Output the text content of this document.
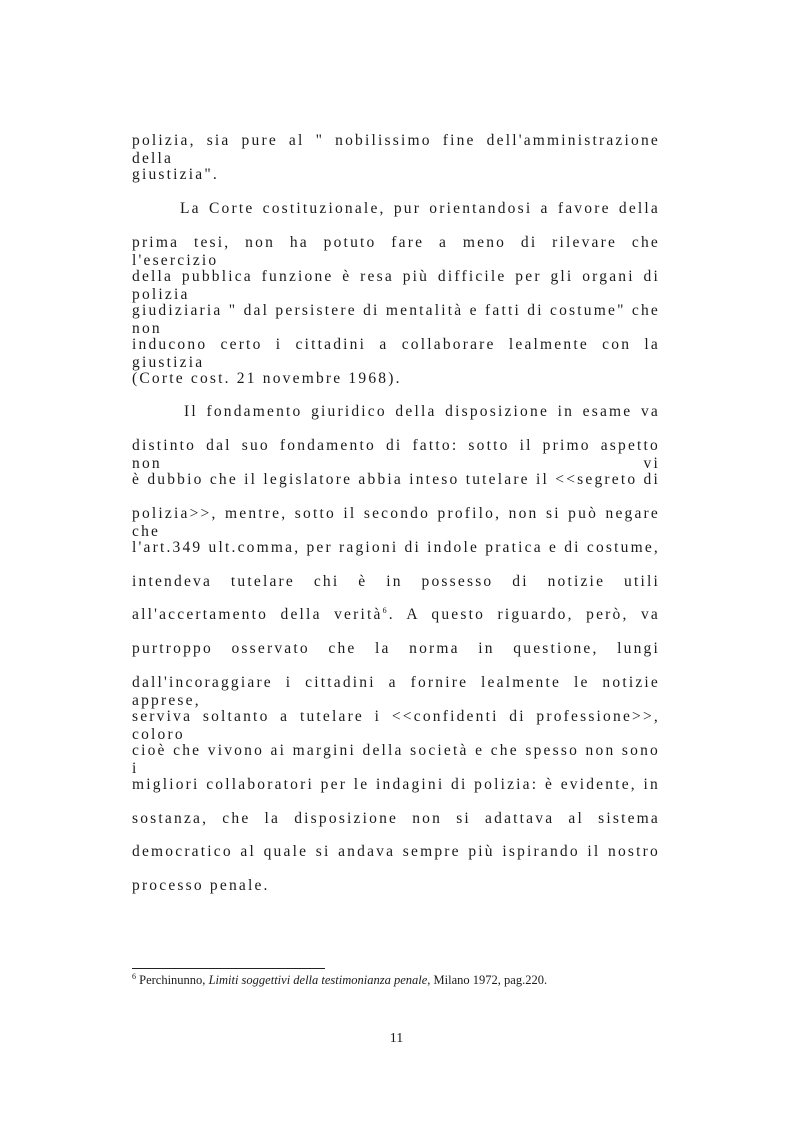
polizia, sia pure al " nobilissimo fine dell'amministrazione della
giustizia".
La Corte costituzionale, pur orientandosi a favore della
prima tesi, non ha potuto fare a meno di rilevare che l'esercizio
della pubblica funzione è resa più difficile per gli organi di polizia
giudiziaria " dal persistere di mentalità e fatti di costume" che non
inducono certo i cittadini a collaborare lealmente con la giustizia
(Corte cost. 21 novembre 1968).
Il fondamento giuridico della disposizione in esame va
distinto dal suo fondamento di fatto: sotto il primo aspetto non vi
è dubbio che il legislatore abbia inteso tutelare il <<segreto di
polizia>>, mentre, sotto il secondo profilo, non si può negare che
l'art.349 ult.comma, per ragioni di indole pratica e di costume,
intendeva tutelare chi è in possesso di notizie utili
all'accertamento della verità$^6$. A questo riguardo, però, va
purtroppo osservato che la norma in questione, lungi
dall'incoraggiare i cittadini a fornire lealmente le notizie apprese,
serviva soltanto a tutelare i <<confidenti di professione>>, coloro
cioè che vivono ai margini della società e che spesso non sono i
migliori collaboratori per le indagini di polizia: è evidente, in
sostanza, che la disposizione non si adattava al sistema
democratico al quale si andava sempre più ispirando il nostro
processo penale.
$^6$ Perchinunno, Limiti soggettivi della testimonianza penale, Milano 1972, pag.220.
11
